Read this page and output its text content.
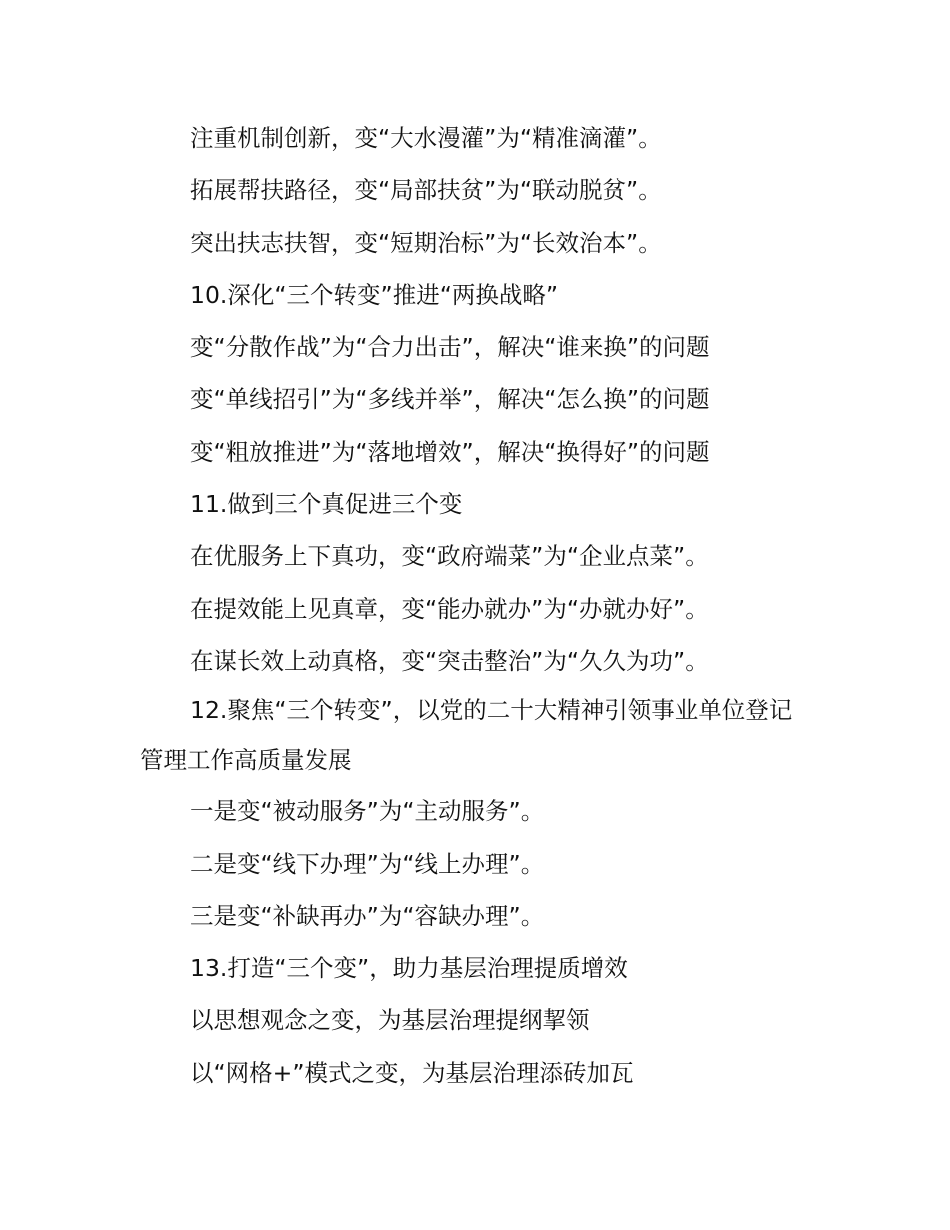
注重机制创新，变“大水漫灌”为“精准滴灌”。

拓展帮扶路径，变“局部扶贫”为“联动脱贫”。

突出扶志扶智，变“短期治标”为“长效治本”。

10.深化“三个转变”推进“两换战略”

变“分散作战”为“合力出击”，解决“谁来换”的问题

变“单线招引”为“多线并举”，解决“怎么换”的问题

变“粗放推进”为“落地增效”，解决“换得好”的问题

11.做到三个真促进三个变

在优服务上下真功，变“政府端菜”为“企业点菜”。

在提效能上见真章，变“能办就办”为“办就办好”。

在谋长效上动真格，变“突击整治”为“久久为功”。

12.聚焦“三个转变”，以党的二十大精神引领事业单位登记管理工作高质量发展

一是变“被动服务”为“主动服务”。

二是变“线下办理”为“线上办理”。

三是变“补缺再办”为“容缺办理”。

13.打造“三个变”，助力基层治理提质增效

以思想观念之变，为基层治理提纲挈领

以“网格+”模式之变，为基层治理添砖加瓦
